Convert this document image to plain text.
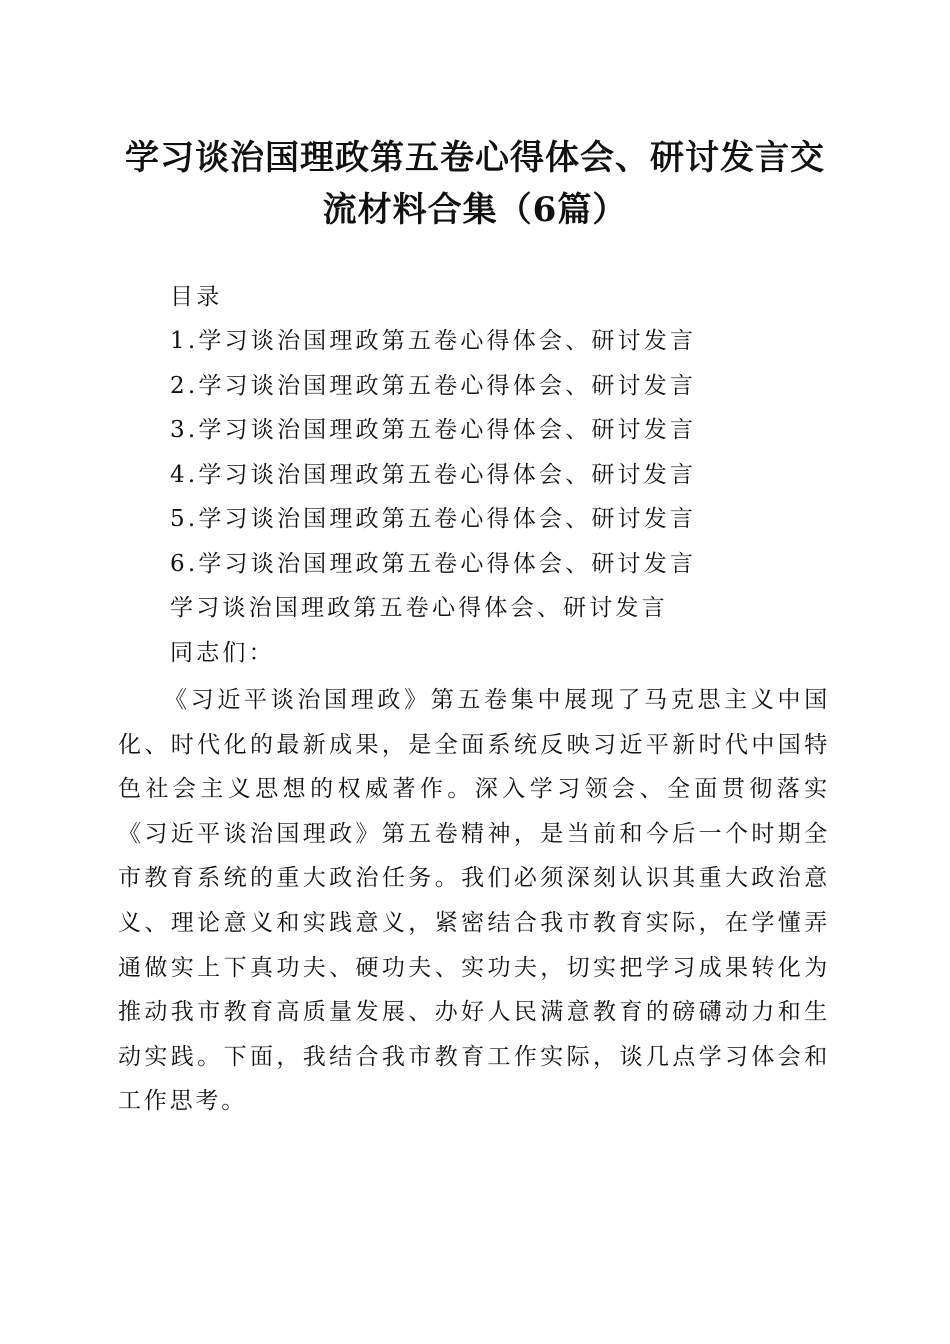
学习谈治国理政第五卷心得体会、研讨发言交
流材料合集（6篇）
目录
1.学习谈治国理政第五卷心得体会、研讨发言
2.学习谈治国理政第五卷心得体会、研讨发言
3.学习谈治国理政第五卷心得体会、研讨发言
4.学习谈治国理政第五卷心得体会、研讨发言
5.学习谈治国理政第五卷心得体会、研讨发言
6.学习谈治国理政第五卷心得体会、研讨发言
学习谈治国理政第五卷心得体会、研讨发言
同志们：

《习近平谈治国理政》第五卷集中展现了马克思主义中国化、时代化的最新成果，是全面系统反映习近平新时代中国特色社会主义思想的权威著作。深入学习领会、全面贯彻落实《习近平谈治国理政》第五卷精神，是当前和今后一个时期全市教育系统的重大政治任务。我们必须深刻认识其重大政治意义、理论意义和实践意义，紧密结合我市教育实际，在学懂弄通做实上下真功夫、硬功夫、实功夫，切实把学习成果转化为推动我市教育高质量发展、办好人民满意教育的磅礴动力和生动实践。下面，我结合我市教育工作实际，谈几点学习体会和工作思考。
